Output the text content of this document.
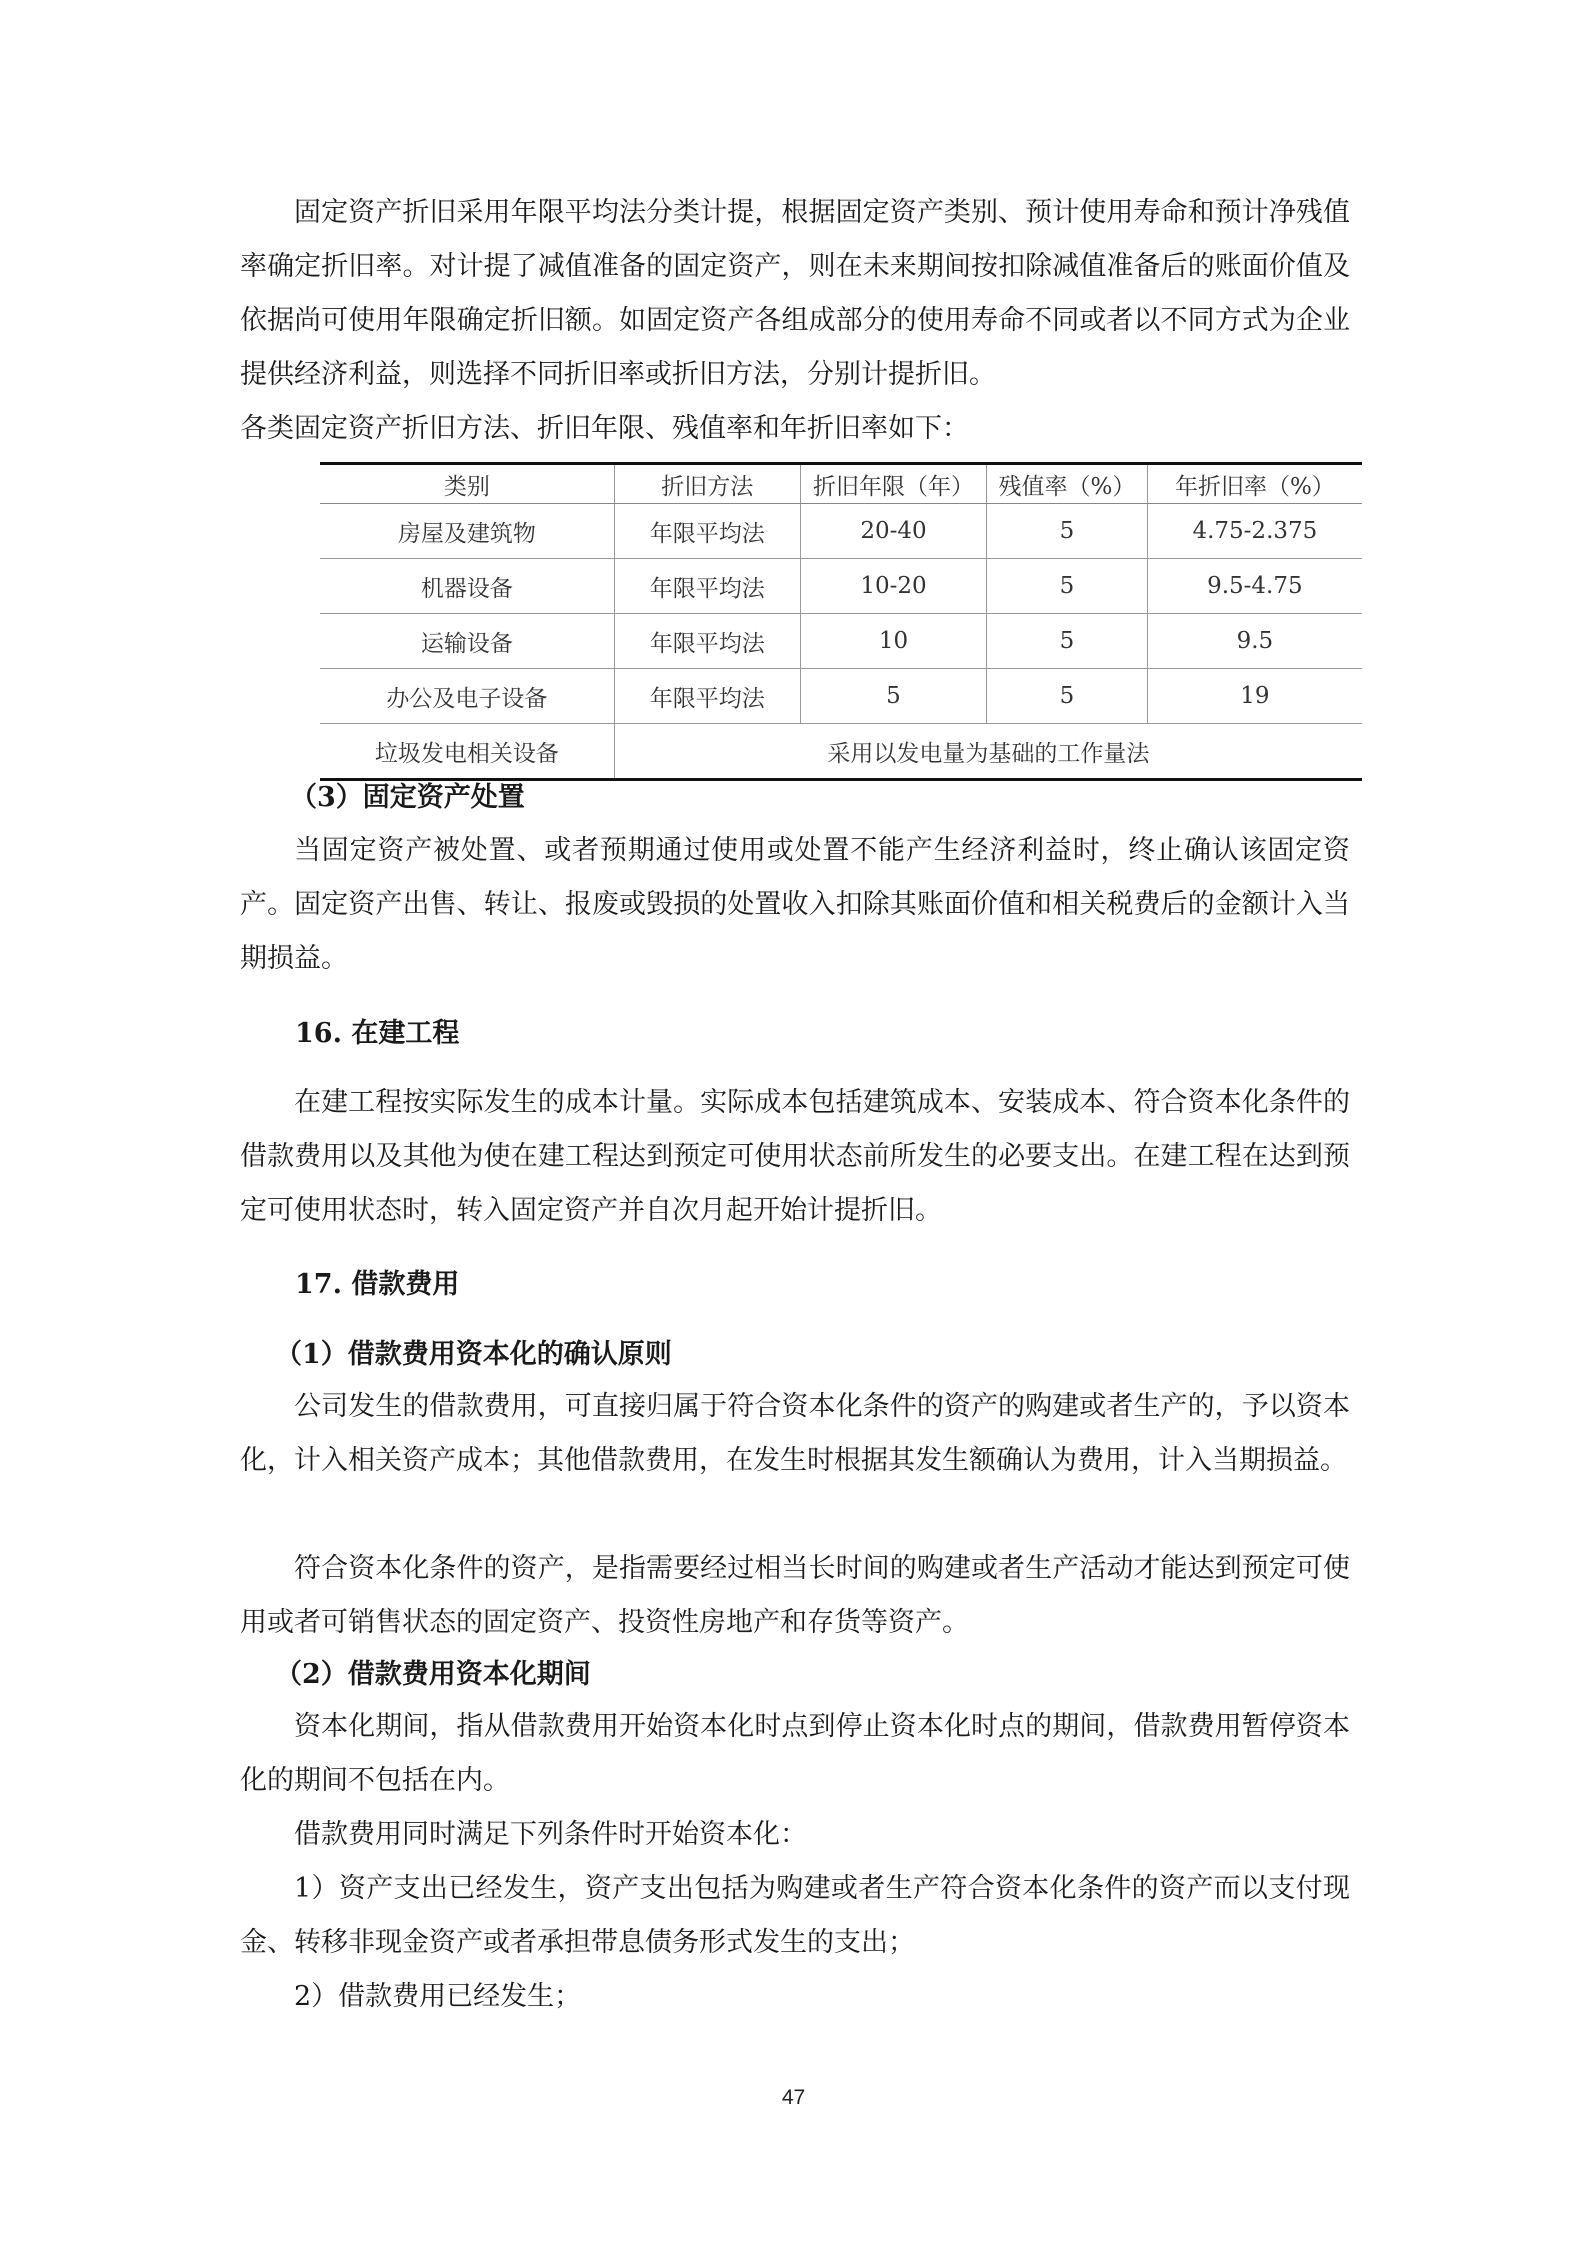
固定资产折旧采用年限平均法分类计提，根据固定资产类别、预计使用寿命和预计净残值率确定折旧率。对计提了减值准备的固定资产，则在未来期间按扣除减值准备后的账面价值及依据尚可使用年限确定折旧额。如固定资产各组成部分的使用寿命不同或者以不同方式为企业提供经济利益，则选择不同折旧率或折旧方法，分别计提折旧。

各类固定资产折旧方法、折旧年限、残值率和年折旧率如下：

类别	折旧方法	折旧年限（年）	残值率（%）	年折旧率（%）
房屋及建筑物	年限平均法	20-40	5	4.75-2.375
机器设备	年限平均法	10-20	5	9.5-4.75
运输设备	年限平均法	10	5	9.5
办公及电子设备	年限平均法	5	5	19
垃圾发电相关设备	采用以发电量为基础的工作量法			
（3）固定资产处置

当固定资产被处置、或者预期通过使用或处置不能产生经济利益时，终止确认该固定资产。固定资产出售、转让、报废或毁损的处置收入扣除其账面价值和相关税费后的金额计入当期损益。

16. 在建工程

在建工程按实际发生的成本计量。实际成本包括建筑成本、安装成本、符合资本化条件的借款费用以及其他为使在建工程达到预定可使用状态前所发生的必要支出。在建工程在达到预定可使用状态时，转入固定资产并自次月起开始计提折旧。

17. 借款费用
（1）借款费用资本化的确认原则

公司发生的借款费用，可直接归属于符合资本化条件的资产的购建或者生产的，予以资本化，计入相关资产成本；其他借款费用，在发生时根据其发生额确认为费用，计入当期损益。

符合资本化条件的资产，是指需要经过相当长时间的购建或者生产活动才能达到预定可使用或者可销售状态的固定资产、投资性房地产和存货等资产。

（2）借款费用资本化期间

资本化期间，指从借款费用开始资本化时点到停止资本化时点的期间，借款费用暂停资本化的期间不包括在内。

借款费用同时满足下列条件时开始资本化：

1）资产支出已经发生，资产支出包括为购建或者生产符合资本化条件的资产而以支付现金、转移非现金资产或者承担带息债务形式发生的支出；

2）借款费用已经发生；

47
